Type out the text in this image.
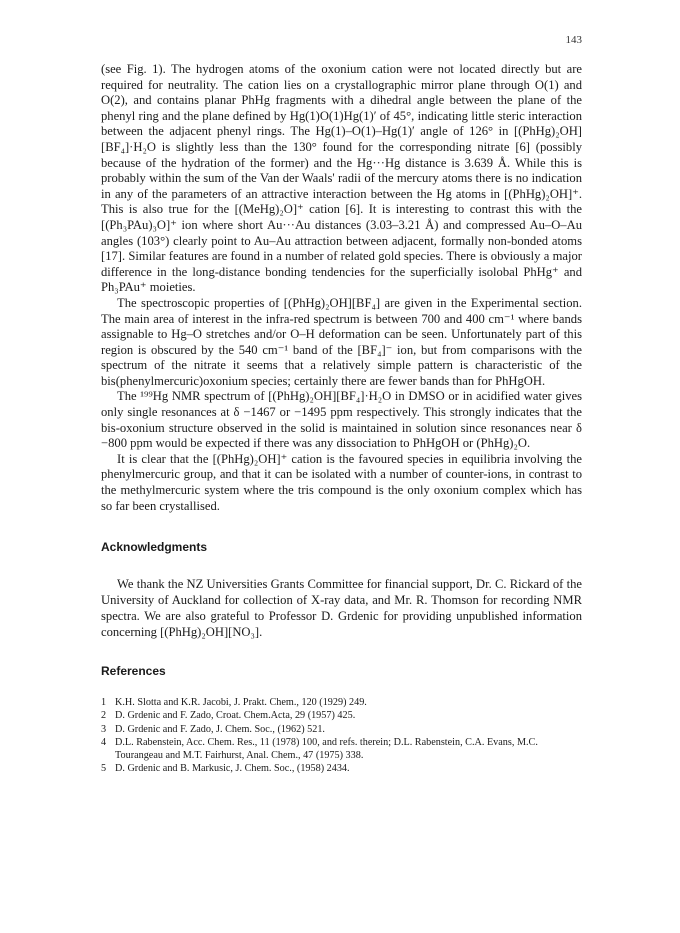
143

(see Fig. 1). The hydrogen atoms of the oxonium cation were not located directly but are required for neutrality. The cation lies on a crystallographic mirror plane through O(1) and O(2), and contains planar PhHg fragments with a dihedral angle between the plane of the phenyl ring and the plane defined by Hg(1)O(1)Hg(1)′ of 45°, indicating little steric interaction between the adjacent phenyl rings. The Hg(1)–O(1)–Hg(1)′ angle of 126° in [(PhHg)₂OH][BF₄]·H₂O is slightly less than the 130° found for the corresponding nitrate [6] (possibly because of the hydration of the former) and the Hg···Hg distance is 3.639 Å. While this is probably within the sum of the Van der Waals' radii of the mercury atoms there is no indication in any of the parameters of an attractive interaction between the Hg atoms in [(PhHg)₂OH]⁺. This is also true for the [(MeHg)₂O]⁺ cation [6]. It is interesting to contrast this with the [(Ph₃PAu)₃O]⁺ ion where short Au···Au distances (3.03–3.21 Å) and compressed Au–O–Au angles (103°) clearly point to Au–Au attraction between adjacent, formally non-bonded atoms [17]. Similar features are found in a number of related gold species. There is obviously a major difference in the long-distance bonding tendencies for the superficially isolobal PhHg⁺ and Ph₃PAu⁺ moieties.

The spectroscopic properties of [(PhHg)₂OH][BF₄] are given in the Experimental section. The main area of interest in the infra-red spectrum is between 700 and 400 cm⁻¹ where bands assignable to Hg–O stretches and/or O–H deformation can be seen. Unfortunately part of this region is obscured by the 540 cm⁻¹ band of the [BF₄]⁻ ion, but from comparisons with the spectrum of the nitrate it seems that a relatively simple pattern is characteristic of the bis(phenylmercuric)oxonium species; certainly there are fewer bands than for PhHgOH.

The ¹⁹⁹Hg NMR spectrum of [(PhHg)₂OH][BF₄]·H₂O in DMSO or in acidified water gives only single resonances at δ −1467 or −1495 ppm respectively. This strongly indicates that the bis-oxonium structure observed in the solid is maintained in solution since resonances near δ −800 ppm would be expected if there was any dissociation to PhHgOH or (PhHg)₂O.

It is clear that the [(PhHg)₂OH]⁺ cation is the favoured species in equilibria involving the phenylmercuric group, and that it can be isolated with a number of counter-ions, in contrast to the methylmercuric system where the tris compound is the only oxonium complex which has so far been crystallised.

Acknowledgments

We thank the NZ Universities Grants Committee for financial support, Dr. C. Rickard of the University of Auckland for collection of X-ray data, and Mr. R. Thomson for recording NMR spectra. We are also grateful to Professor D. Grdenic for providing unpublished information concerning [(PhHg)₂OH][NO₃].

References
1 K.H. Slotta and K.R. Jacobi, J. Prakt. Chem., 120 (1929) 249.
2 D. Grdenic and F. Zado, Croat. Chem.Acta, 29 (1957) 425.
3 D. Grdenic and F. Zado, J. Chem. Soc., (1962) 521.
4 D.L. Rabenstein, Acc. Chem. Res., 11 (1978) 100, and refs. therein; D.L. Rabenstein, C.A. Evans, M.C. Tourangeau and M.T. Fairhurst, Anal. Chem., 47 (1975) 338.
5 D. Grdenic and B. Markusic, J. Chem. Soc., (1958) 2434.
